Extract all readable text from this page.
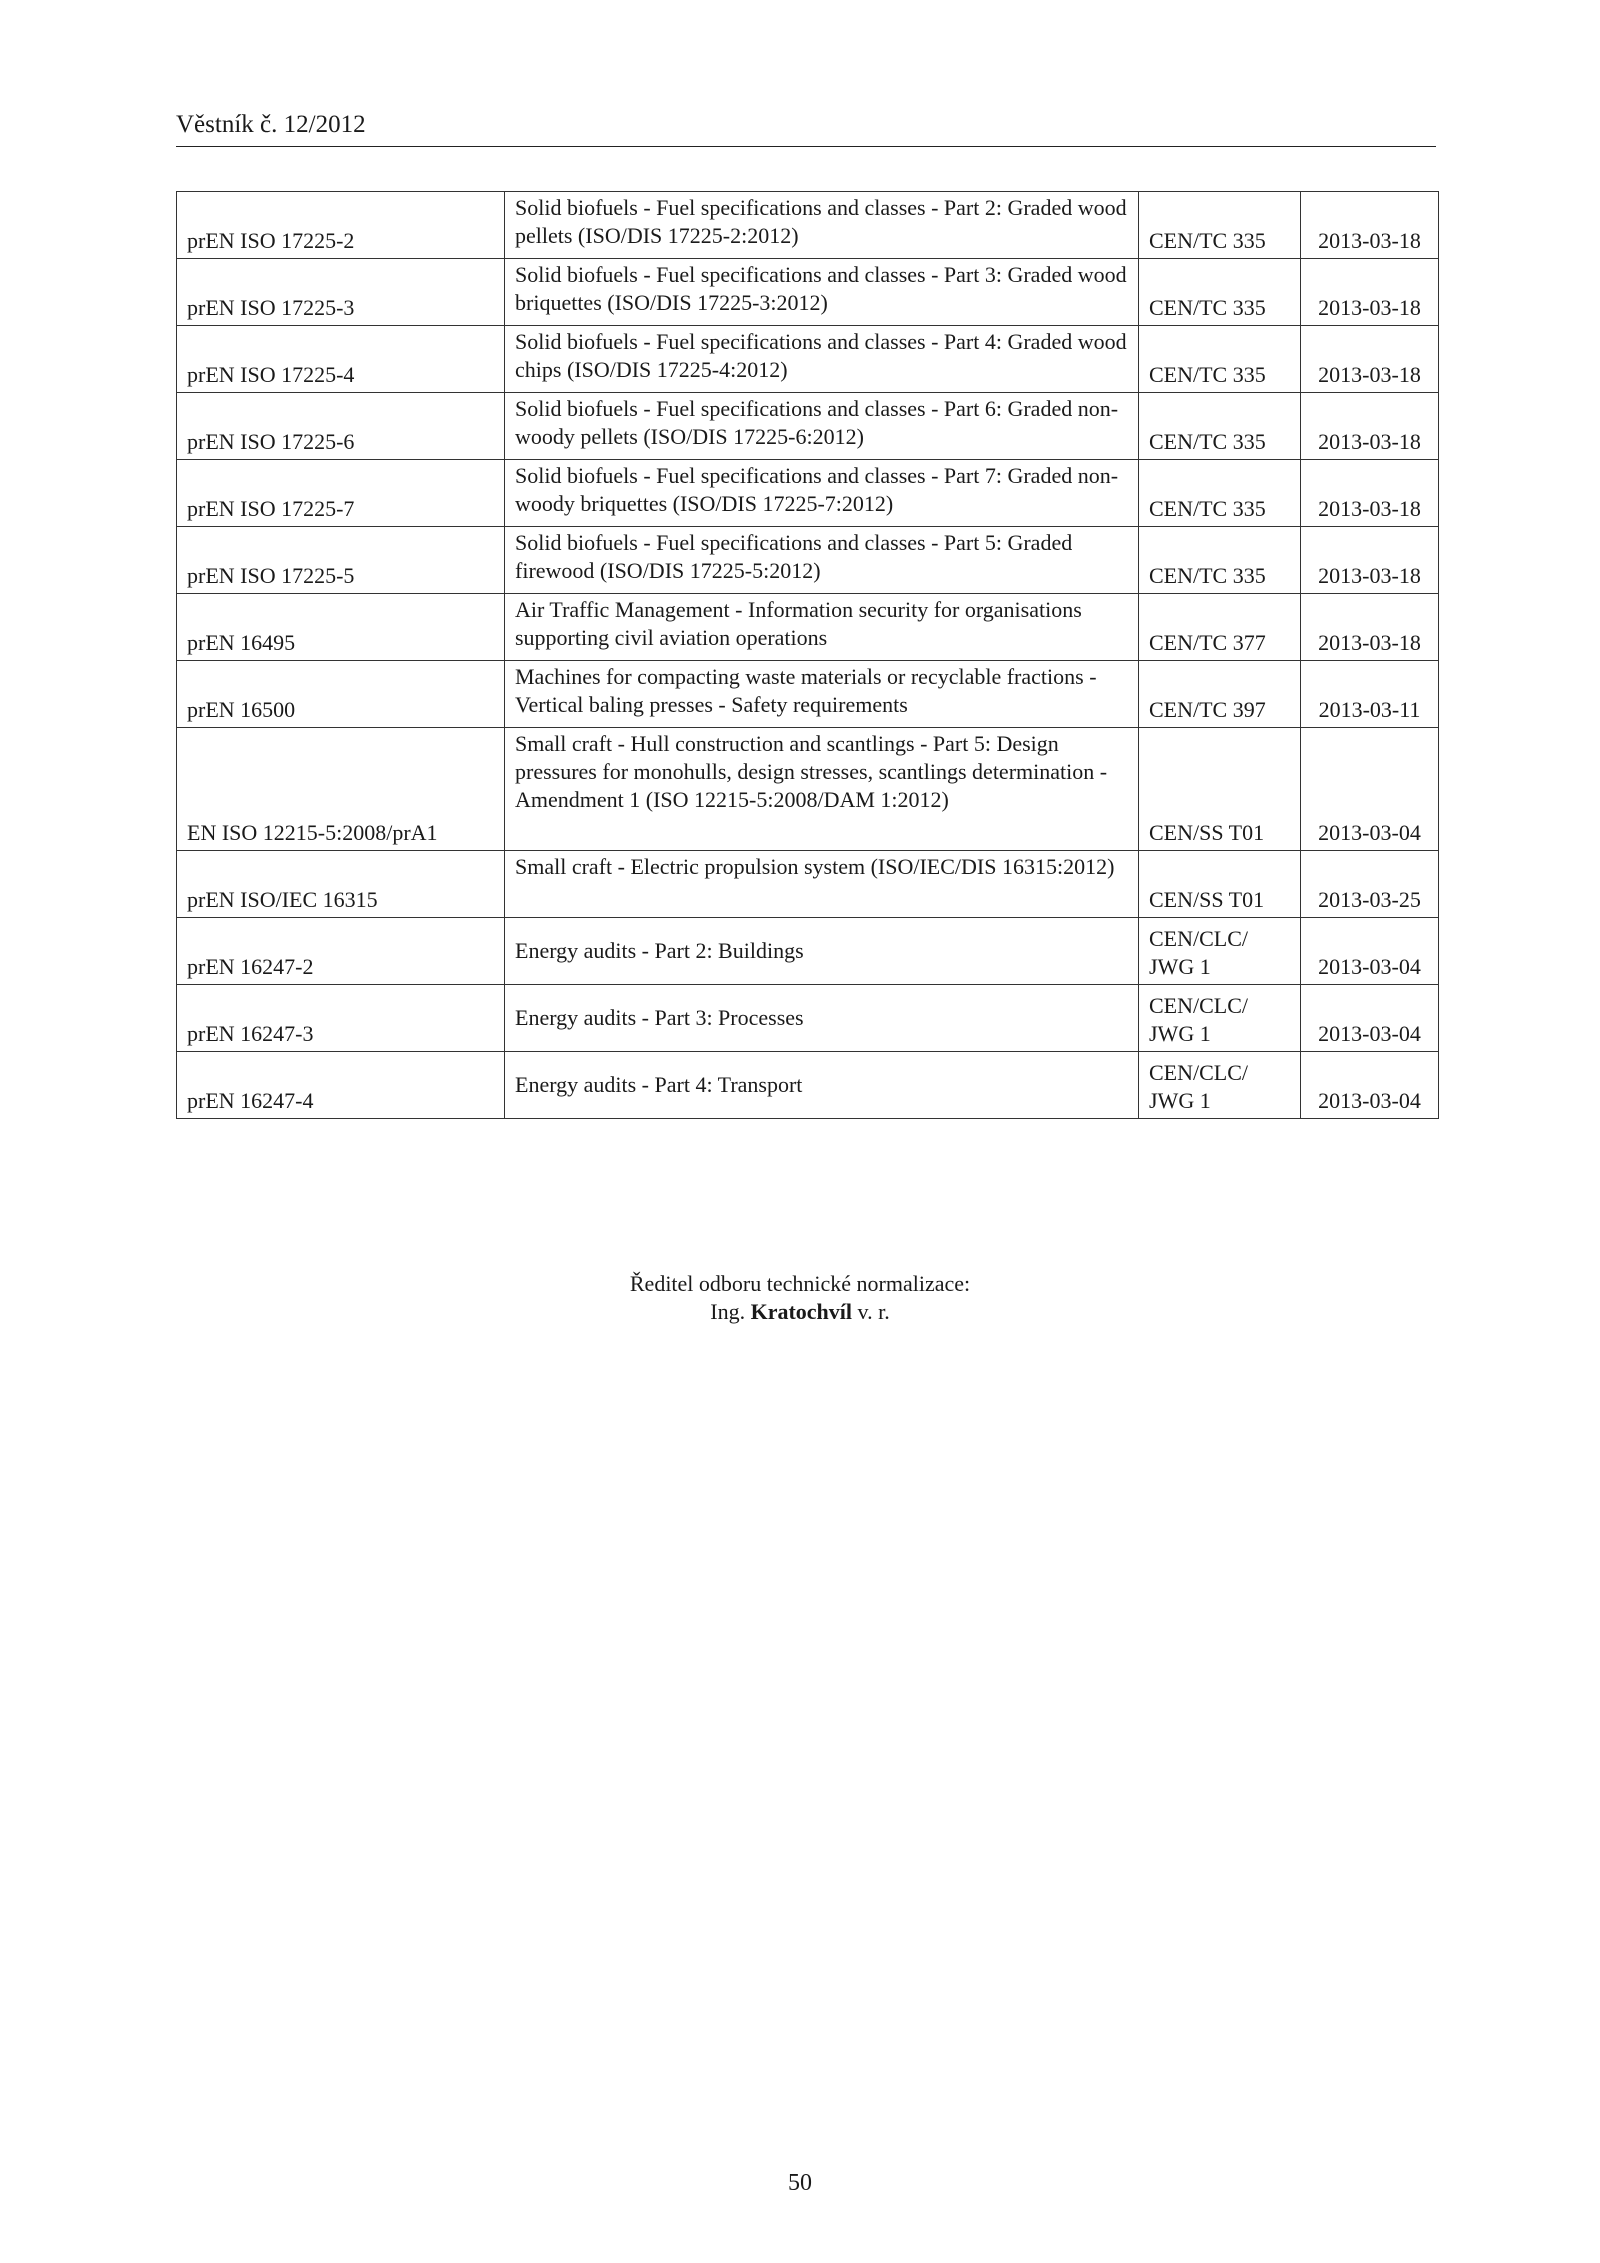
Věstník č. 12/2012
prEN ISO 17225-2	Solid biofuels - Fuel specifications and classes - Part 2: Graded wood pellets (ISO/DIS 17225-2:2012)	CEN/TC 335	2013-03-18
prEN ISO 17225-3	Solid biofuels - Fuel specifications and classes - Part 3: Graded wood briquettes (ISO/DIS 17225-3:2012)	CEN/TC 335	2013-03-18
prEN ISO 17225-4	Solid biofuels - Fuel specifications and classes - Part 4: Graded wood chips (ISO/DIS 17225-4:2012)	CEN/TC 335	2013-03-18
prEN ISO 17225-6	Solid biofuels - Fuel specifications and classes - Part 6: Graded non-woody pellets (ISO/DIS 17225-6:2012)	CEN/TC 335	2013-03-18
prEN ISO 17225-7	Solid biofuels - Fuel specifications and classes - Part 7: Graded non-woody briquettes (ISO/DIS 17225-7:2012)	CEN/TC 335	2013-03-18
prEN ISO 17225-5	Solid biofuels - Fuel specifications and classes - Part 5: Graded firewood (ISO/DIS 17225-5:2012)	CEN/TC 335	2013-03-18
prEN 16495	Air Traffic Management - Information security for organisations supporting civil aviation operations	CEN/TC 377	2013-03-18
prEN 16500	Machines for compacting waste materials or recyclable fractions - Vertical baling presses - Safety requirements	CEN/TC 397	2013-03-11
EN ISO 12215-5:2008/prA1	Small craft - Hull construction and scantlings - Part 5: Design pressures for monohulls, design stresses, scantlings determination - Amendment 1 (ISO 12215-5:2008/DAM 1:2012)	CEN/SS T01	2013-03-04
prEN ISO/IEC 16315	Small craft - Electric propulsion system (ISO/IEC/DIS 16315:2012)	CEN/SS T01	2013-03-25
prEN 16247-2	Energy audits - Part 2: Buildings	CEN/CLC/ JWG 1	2013-03-04
prEN 16247-3	Energy audits - Part 3: Processes	CEN/CLC/ JWG 1	2013-03-04
prEN 16247-4	Energy audits - Part 4: Transport	CEN/CLC/ JWG 1	2013-03-04
Ředitel odboru technické normalizace:
Ing. Kratochvíl v. r.
50
